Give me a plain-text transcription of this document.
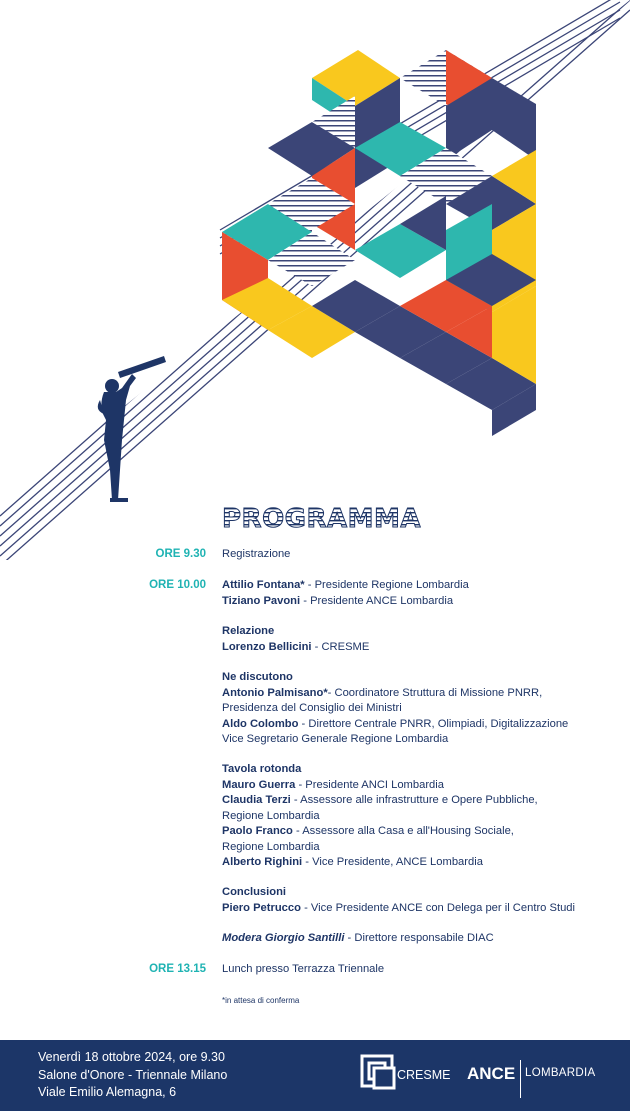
PROGRAMMA
ORE 9.30 Registrazione
ORE 10.00 Attilio Fontana* - Presidente Regione Lombardia
Tiziano Pavoni - Presidente ANCE Lombardia
Relazione
Lorenzo Bellicini - CRESME
Ne discutono
Antonio Palmisano*- Coordinatore Struttura di Missione PNRR,
Presidenza del Consiglio dei Ministri
Aldo Colombo - Direttore Centrale PNRR, Olimpiadi, Digitalizzazione
Vice Segretario Generale Regione Lombardia
Tavola rotonda
Mauro Guerra - Presidente ANCI Lombardia
Claudia Terzi - Assessore alle infrastrutture e Opere Pubbliche,
Regione Lombardia
Paolo Franco - Assessore alla Casa e all'Housing Sociale,
Regione Lombardia
Alberto Righini - Vice Presidente, ANCE Lombardia
Conclusioni
Piero Petrucco - Vice Presidente ANCE con Delega per il Centro Studi
Modera Giorgio Santilli - Direttore responsabile DIAC
ORE 13.15 Lunch presso Terrazza Triennale
*in attesa di conferma
Venerdì 18 ottobre 2024, ore 9.30
Salone d'Onore - Triennale Milano
Viale Emilio Alemagna, 6
CRESME ANCE LOMBARDIA
